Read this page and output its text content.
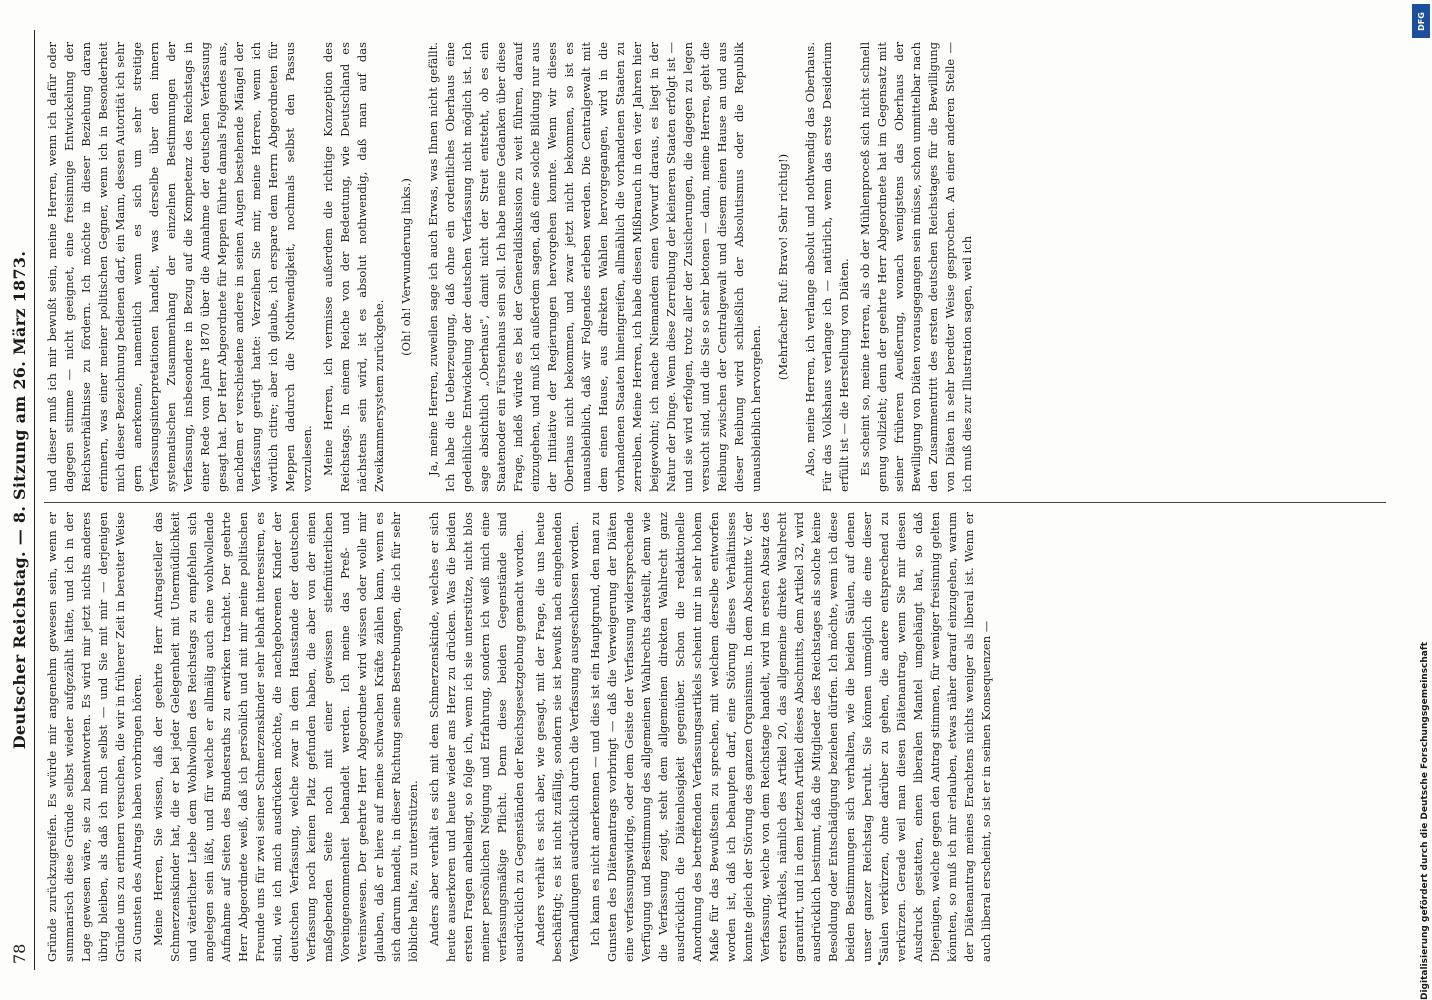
78
Deutscher Reichstag. — 8. Sitzung am 26. März 1873. Gründe zurückzugreifen. Es würde mir angenehm gewesen sein, wenn er summarisch diese Gründe selbst wieder aufgezählt hätte, und ich in der Lage gewesen wäre, sie zu beantworten. Es wird mir jetzt nichts anderes übrig bleiben, als daß ich mich selbst — und Sie mit mir — derjenigen Gründe uns zu erinnern versuchen, die wir in früherer Zeit in bereiter Weise zu Gunsten des Antrags haben vorbringen hören. Meine Herren, Sie wissen, daß der geehrte Herr Antragsteller das Schmerzenskinder hat, die er bei jeder Gelegenheit mit Unermüdlichkeit und väterlicher Liebe dem Wohlwollen des Reichstags zu empfehlen sich angelegen sein läßt, und für welche er allmälig auch eine wohlwollende Aufnahme auf Seiten des Bundesraths zu erwirken trachtet. Der geehrte Herr Abgeordnete weiß, daß ich persönlich und mit mir meine politischen Freunde uns für zwei seiner Schmerzenskinder sehr lebhaft interessiren, es sind, wie ich mich ausdrücken möchte, die nachgeborenen Kinder der deutschen Verfassung, welche zwar in dem Hausstande der deutschen Verfassung noch keinen Platz gefunden haben, die aber von der einen maßgebenden Seite noch mit einer gewissen stiefmütterlichen Voreingenommenheit behandelt werden. Ich meine das Preß- und Vereinswesen. Der geehrte Herr Abgeordnete wird wissen oder wolle mir glauben, daß er hiere auf meine schwachen Kräfte zählen kann, wenn es sich darum handelt, in dieser Richtung seine Bestrebungen, die ich für sehr löbliche halte, zu unterstützen. Anders aber verhält es sich mit dem Schmerzenskinde, welches er sich heute auserkoren und heute wieder ans Herz zu drücken. Was die beiden ersten Fragen anbelangt, so folge ich, wenn ich sie unterstütze, nicht blos meiner persönlichen Neigung und Erfahrung, sondern ich weiß mich eine verfassungsmäßige Pflicht. Denn diese beiden Gegenstände sind ausdrücklich zu Gegenständen der Reichsgesetzgebung gemacht worden. Anders verhält es sich aber, wie gesagt, mit der Frage, die uns heute beschäftigt; es ist nicht zufällig, sondern sie ist bewußt nach eingehenden Verhandlungen ausdrücklich durch die Verfassung ausgeschlossen worden. Ich kann es nicht anerkennen — und dies ist ein Hauptgrund, den man zu Gunsten des Diätenantrags vorbringt — daß die Verweigerung der Diäten eine verfassungswidrige, oder dem Geiste der Verfassung widersprechende Verfügung und Bestimmung des allgemeinen Wahlrechts darstellt, denn wie die Verfassung zeigt, steht dem allgemeinen direkten Wahlrecht ganz ausdrücklich die Diätenlosigkeit gegenüber. Schon die redaktionelle Anordnung des betreffenden Verfassungsartikels scheint mir in sehr hohem Maße für das Bewußtsein zu sprechen, mit welchem derselbe entworfen worden ist, daß ich behaupten darf, eine Störung dieses Verhältnisses konnte gleich der Störung des ganzen Organismus. In dem Abschnitte V. der Verfassung, welche von dem Reichstage handelt, wird im ersten Absatz des ersten Artikels, nämlich des Artikel 20, das allgemeine direkte Wahlrecht garantirt, und in dem letzten Artikel dieses Abschnitts, dem Artikel 32, wird ausdrücklich bestimmt, daß die Mitglieder des Reichstages als solche keine Besoldung oder Entschädigung beziehen dürfen. Ich möchte, wenn ich diese beiden Bestimmungen sich verhalten, wie die beiden Säulen, auf denen unser ganzer Reichstag beruht. Sie können unmöglich die eine dieser Säulen verkürzen, ohne darüber zu gehen, die andere entsprechend zu verkürzen. Gerade weil man diesen Diätenantrag, wenn Sie mir diesen Ausdruck gestatten, einen liberalen Mantel umgehängt hat, so daß Diejenigen, welche gegen den Antrag stimmen, für weniger freisinnig gelten könnten, so muß ich mir erlauben, etwas näher darauf einzugehen, warum der Diätenantrag meines Erachtens nichts weniger als liberal ist. Wenn er auch liberal erscheint, so ist er in seinen Konsequenzen —

und dieser muß ich mir bewußt sein, meine Herren, wenn ich dafür oder dagegen stimme — nicht geeignet, eine freisinnige Entwickelung der Reichsverhältnisse zu fördern. Ich möchte in dieser Beziehung daran erinnern, was einer meiner politischen Gegner, wenn ich in Besonderheit mich dieser Bezeichnung bedienen darf, ein Mann, dessen Autorität ich sehr gern anerkenne, namentlich wenn es sich um sehr streitige Verfassungsinterpretationen handelt, was derselbe über den innern systematischen Zusammenhang der einzelnen Bestimmungen der Verfassung, insbesondere in Bezug auf die Kompetenz des Reichstags in einer Rede vom Jahre 1870 über die Annahme der deutschen Verfassung gesagt hat. Der Herr Abgeordnete für Meppen führte damals Folgendes aus, nachdem er verschiedene andere in seinen Augen bestehende Mängel der Verfassung gerügt hatte: Verzeihen Sie mir, meine Herren, wenn ich wörtlich citire; aber ich glaube, ich erspare dem Herrn Abgeordneten für Meppen dadurch die Nothwendigkeit, nochmals selbst den Passus vorzulesen. Meine Herren, ich vermisse außerdem die richtige Konzeption des Reichstags. In einem Reiche von der Bedeutung, wie Deutschland es nächstens sein wird, ist es absolut nothwendig, daß man auf das Zweikammersystem zurückgehe.

(Oh! oh! Verwunderung links.) Ja, meine Herren, zuweilen sage ich auch Erwas, was Ihnen nicht gefällt. Ich habe die Ueberzeugung, daß ohne ein ordentliches Oberhaus eine gedeihliche Entwickelung der deutschen Verfassung nicht möglich ist. Ich sage absichtlich „Oberhaus", damit nicht der Streit entsteht, ob es ein Staatenoder ein Fürstenhaus sein soll. Ich habe meine Gedanken über diese Frage, indeß würde es bei der Generaldiskussion zu weit führen, darauf einzugehen, und muß ich außerdem sagen, daß eine solche Bildung nur aus der Initiative der Regierungen hervorgehen konnte. Wenn wir dieses Oberhaus nicht bekommen, und zwar jetzt nicht bekommen, so ist es unausbleiblich, daß wir Folgendes erleben werden. Die Centralgewalt mit dem einen Hause, aus direkten Wahlen hervorgegangen, wird in die vorhandenen Staaten hineingreifen, allmählich die vorhandenen Staaten zu zerreiben. Meine Herren, ich habe diesen Mißbrauch in den vier Jahren hier beigewohnt; ich mache Niemandem einen Vorwurf daraus, es liegt in der Natur der Dinge. Wenn diese Zerreibung der kleineren Staaten erfolgt ist — und sie wird erfolgen, trotz aller der Zusicherungen, die dagegen zu legen versucht sind, und die Sie so sehr betonen — dann, meine Herren, geht die Reibung zwischen der Centralgewalt und diesem einen Hause an und aus dieser Reibung wird schließlich der Absolutismus oder die Republik unausbleiblich hervorgehen.

(Mehrfacher Ruf: Bravo! Sehr richtig!) Also, meine Herren, ich verlange absolut und nothwendig das Oberhaus. Für das Volkshaus verlange ich — natürlich, wenn das erste Desiderium erfüllt ist — die Herstellung von Diäten. Es scheint so, meine Herren, als ob der Mühlenproceß sich nicht schnell genug vollzieht; denn der geehrte Herr Abgeordnete hat im Gegensatz mit seiner früheren Aeußerung, wonach wenigstens das Oberhaus der Bewilligung von Diäten vorausgegangen sein müsse, schon unmittelbar nach den Zusammentritt des ersten deutschen Reichstages für die Bewilligung von Diäten in sehr beredter Weise gesprochen. An einer anderen Stelle — ich muß dies zur Illustration sagen, weil ich

DFG
Digitalisierung gefördert durch die Deutsche Forschungsgemeinschaft
